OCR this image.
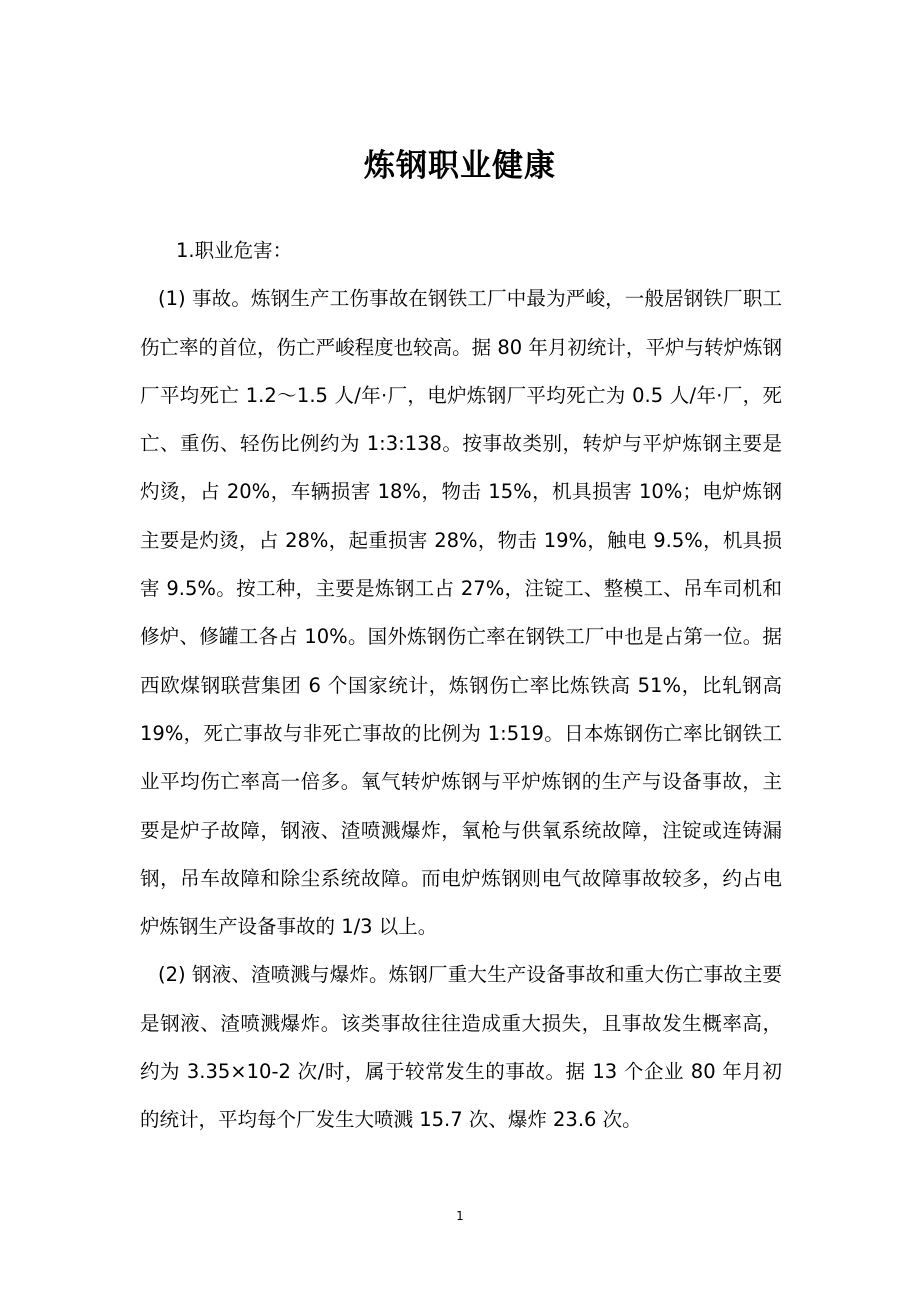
炼钢职业健康

1.职业危害：

(1) 事故。炼钢生产工伤事故在钢铁工厂中最为严峻，一般居钢铁厂职工伤亡率的首位，伤亡严峻程度也较高。据 80 年月初统计，平炉与转炉炼钢厂平均死亡 1.2～1.5 人/年·厂，电炉炼钢厂平均死亡为 0.5 人/年·厂，死亡、重伤、轻伤比例约为 1:3:138。按事故类别，转炉与平炉炼钢主要是灼烫，占 20%，车辆损害 18%，物击 15%，机具损害 10%；电炉炼钢主要是灼烫，占 28%，起重损害 28%，物击 19%，触电 9.5%，机具损害 9.5%。按工种，主要是炼钢工占 27%，注锭工、整模工、吊车司机和修炉、修罐工各占 10%。国外炼钢伤亡率在钢铁工厂中也是占第一位。据西欧煤钢联营集团 6 个国家统计，炼钢伤亡率比炼铁高 51%，比轧钢高 19%，死亡事故与非死亡事故的比例为 1:519。日本炼钢伤亡率比钢铁工业平均伤亡率高一倍多。氧气转炉炼钢与平炉炼钢的生产与设备事故，主要是炉子故障，钢液、渣喷溅爆炸，氧枪与供氧系统故障，注锭或连铸漏钢，吊车故障和除尘系统故障。而电炉炼钢则电气故障事故较多，约占电炉炼钢生产设备事故的 1/3 以上。

(2) 钢液、渣喷溅与爆炸。炼钢厂重大生产设备事故和重大伤亡事故主要是钢液、渣喷溅爆炸。该类事故往往造成重大损失，且事故发生概率高，约为 3.35×10-2 次/时，属于较常发生的事故。据 13 个企业 80 年月初的统计，平均每个厂发生大喷溅 15.7 次、爆炸 23.6 次。

1
